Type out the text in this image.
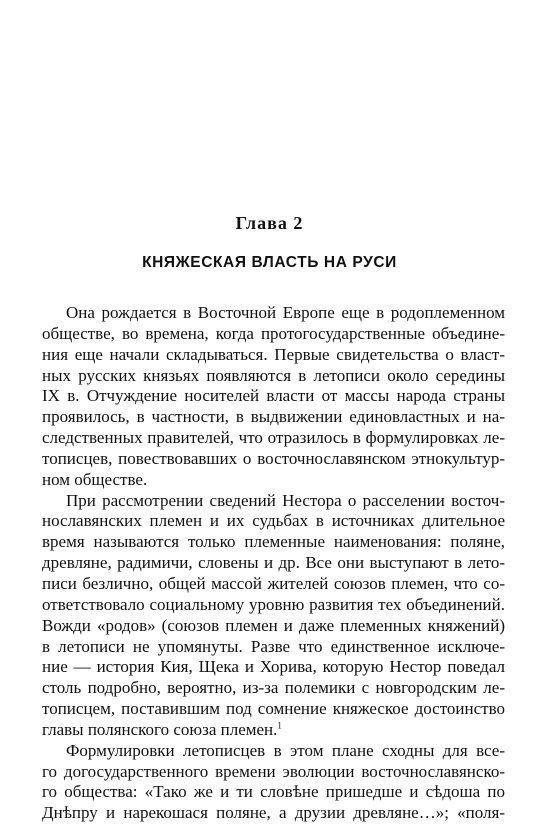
Глава 2
КНЯЖЕСКАЯ ВЛАСТЬ НА РУСИ

Она рождается в Восточной Европе еще в родоплеменном
обществе, во времена, когда протогосударственные объедине-
ния еще начали складываться. Первые свидетельства о власт-
ных русских князьях появляются в летописи около середины
IX в. Отчуждение носителей власти от массы народа страны
проявилось, в частности, в выдвижении единовластных и на-
следственных правителей, что отразилось в формулировках ле-
тописцев, повествовавших о восточнославянском этнокультур-
ном обществе.

При рассмотрении сведений Нестора о расселении восточ-
нославянских племен и их судьбах в источниках длительное
время называются только племенные наименования: поляне,
древляне, радимичи, словены и др. Все они выступают в лето-
писи безлично, общей массой жителей союзов племен, что со-
ответствовало социальному уровню развития тех объединений.
Вожди «родов» (союзов племен и даже племенных княжений)
в летописи не упомянуты. Разве что единственное исключе-
ние — история Кия, Щека и Хорива, которую Нестор поведал
столь подробно, вероятно, из-за полемики с новгородским ле-
тописцем, поставившим под сомнение княжеское достоинство
главы полянского союза племен.$^1$

Формулировки летописцев в этом плане сходны для все-
го догосударственного времени эволюции восточнославянско-
го общества: «Тако же и ти словѣне пришедше и сѣдоша по
Днѣпру и нарекошася поляне, а друзии древляне…»; «поля-
